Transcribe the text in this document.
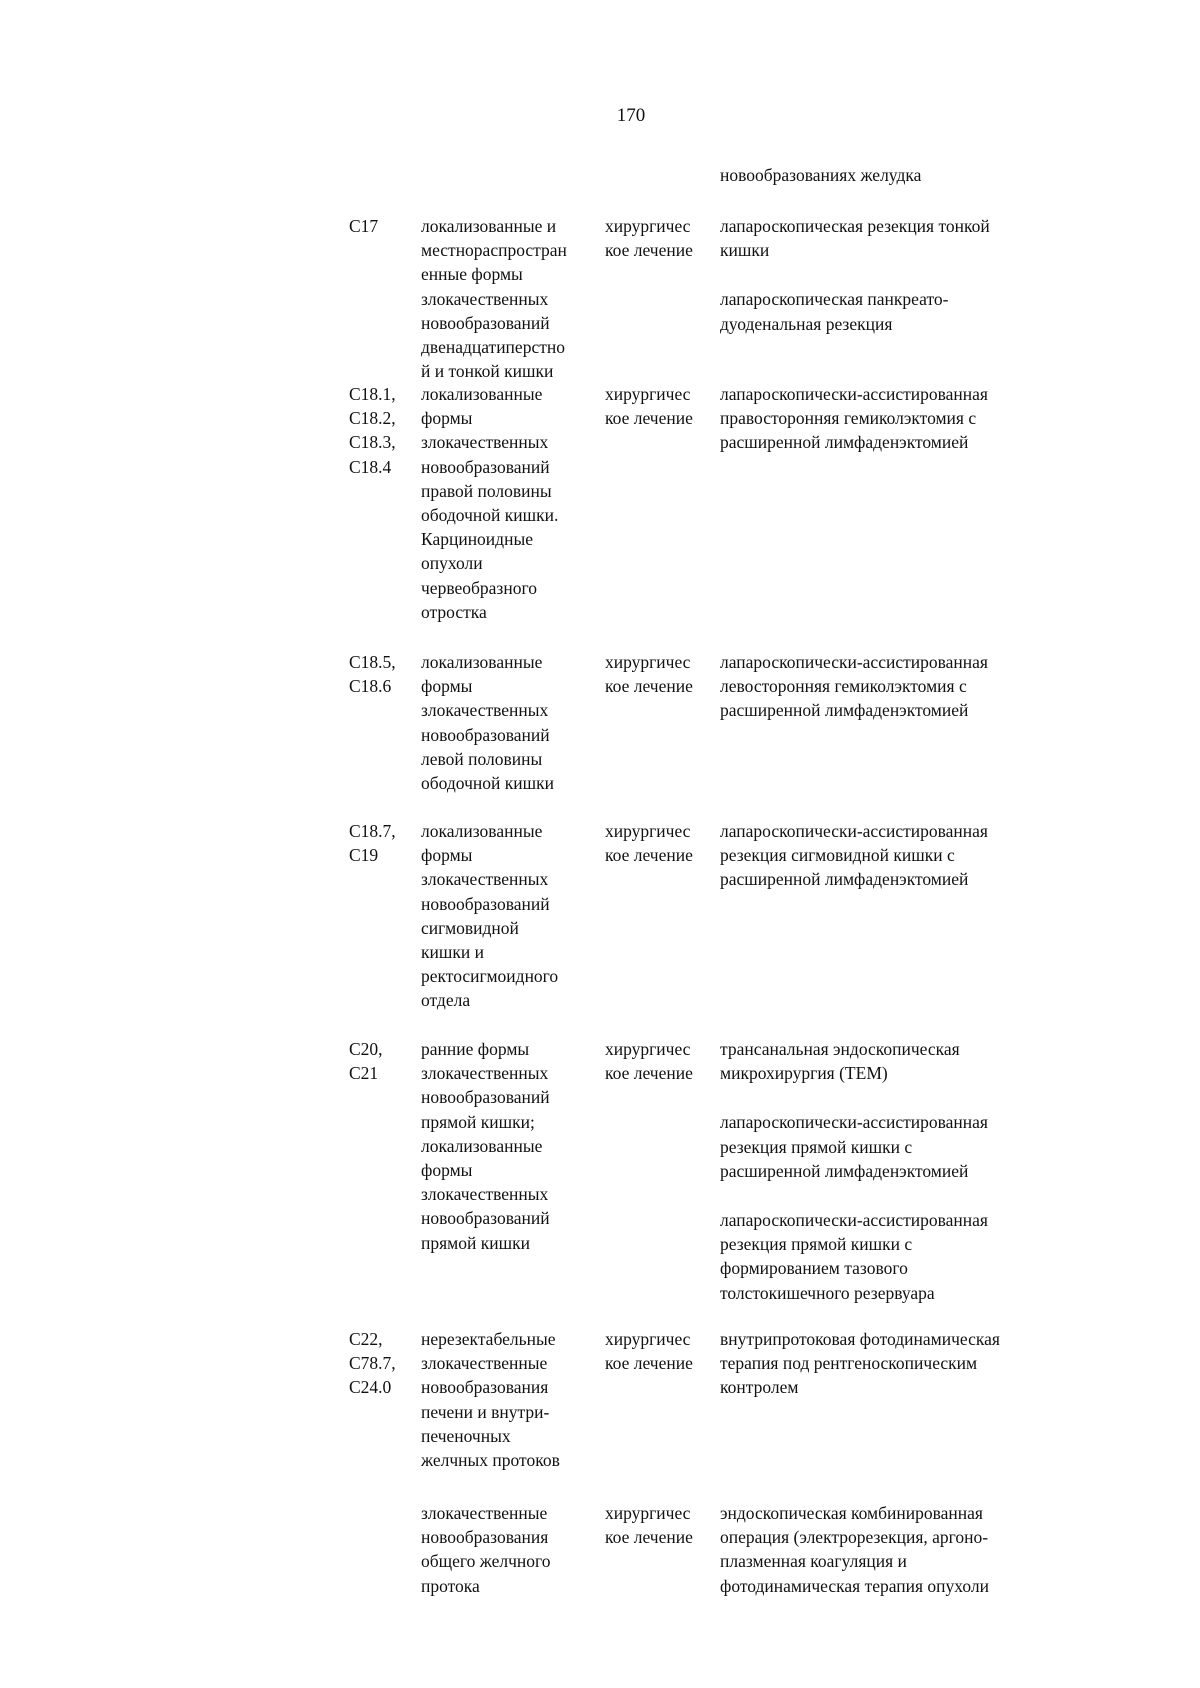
170
новообразованиях желудка
C17 локализованные и
местнораспростран
енные формы
злокачественных
новообразований
двенадцатиперстно
й и тонкой кишки
хирургичес
кое лечение
лапароскопическая резекция тонкой
кишки
лапароскопическая панкреато-
дуоденальная резекция
C18.1,
C18.2,
C18.3,
C18.4
локализованные
формы
злокачественных
новообразований
правой половины
ободочной кишки.
Карциноидные
опухоли
червеобразного
отростка
хирургичес
кое лечение
лапароскопически-ассистированная
правосторонняя гемиколэктомия с
расширенной лимфаденэктомией
C18.5,
C18.6
локализованные
формы
злокачественных
новообразований
левой половины
ободочной кишки
хирургичес
кое лечение
лапароскопически-ассистированная
левосторонняя гемиколэктомия с
расширенной лимфаденэктомией
C18.7,
C19
локализованные
формы
злокачественных
новообразований
сигмовидной
кишки и
ректосигмоидного
отдела
хирургичес
кое лечение
лапароскопически-ассистированная
резекция сигмовидной кишки с
расширенной лимфаденэктомией
C20,
C21
ранние формы
злокачественных
новообразований
прямой кишки;
локализованные
формы
злокачественных
новообразований
прямой кишки
хирургичес
кое лечение
трансанальная эндоскопическая
микрохирургия (ТЕМ)
лапароскопически-ассистированная
резекция прямой кишки с
расширенной лимфаденэктомией
лапароскопически-ассистированная
резекция прямой кишки с
формированием тазового
толстокишечного резервуара
C22,
C78.7,
C24.0
нерезектабельные
злокачественные
новообразования
печени и внутри-
печеночных
желчных протоков
хирургичес
кое лечение
внутрипротоковая фотодинамическая
терапия под рентгеноскопическим
контролем
злокачественные
новообразования
общего желчного
протока
хирургичес
кое лечение
эндоскопическая комбинированная
операция (электрорезекция, аргоно-
плазменная коагуляция и
фотодинамическая терапия опухоли
